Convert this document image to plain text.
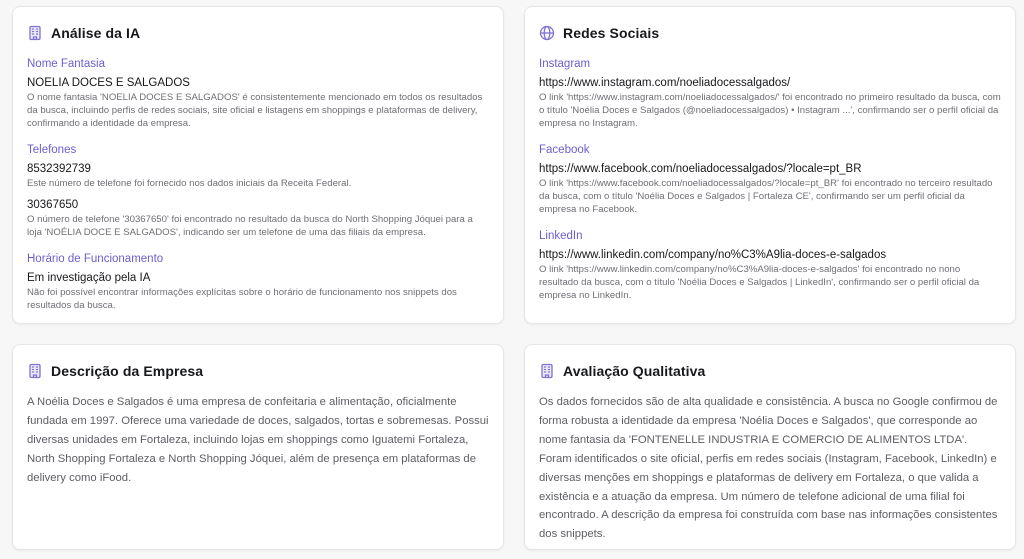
Análise da IA
Nome Fantasia
NOELIA DOCES E SALGADOS
O nome fantasia 'NOELIA DOCES E SALGADOS' é consistentemente mencionado em todos os resultados da busca, incluindo perfis de redes sociais, site oficial e listagens em shoppings e plataformas de delivery, confirmando a identidade da empresa.
Telefones
8532392739
Este número de telefone foi fornecido nos dados iniciais da Receita Federal.
30367650
O número de telefone '30367650' foi encontrado no resultado da busca do North Shopping Jóquei para a loja 'NOÉLIA DOCE E SALGADOS', indicando ser um telefone de uma das filiais da empresa.
Horário de Funcionamento
Em investigação pela IA
Não foi possível encontrar informações explícitas sobre o horário de funcionamento nos snippets dos resultados da busca.
Redes Sociais
Instagram
https://www.instagram.com/noeliadocessalgados/
O link 'https://www.instagram.com/noeliadocessalgados/' foi encontrado no primeiro resultado da busca, com o título 'Noélia Doces e Salgados (@noeliadocessalgados) • Instagram ...', confirmando ser o perfil oficial da empresa no Instagram.
Facebook
https://www.facebook.com/noeliadocessalgados/?locale=pt_BR
O link 'https://www.facebook.com/noeliadocessalgados/?locale=pt_BR' foi encontrado no terceiro resultado da busca, com o título 'Noélia Doces e Salgados | Fortaleza CE', confirmando ser um perfil oficial da empresa no Facebook.
LinkedIn
https://www.linkedin.com/company/no%C3%A9lia-doces-e-salgados
O link 'https://www.linkedin.com/company/no%C3%A9lia-doces-e-salgados' foi encontrado no nono resultado da busca, com o título 'Noélia Doces e Salgados | LinkedIn', confirmando ser o perfil oficial da empresa no LinkedIn.
Descrição da Empresa

A Noélia Doces e Salgados é uma empresa de confeitaria e alimentação, oficialmente fundada em 1997. Oferece uma variedade de doces, salgados, tortas e sobremesas. Possui diversas unidades em Fortaleza, incluindo lojas em shoppings como Iguatemi Fortaleza, North Shopping Fortaleza e North Shopping Jóquei, além de presença em plataformas de delivery como iFood.

Avaliação Qualitativa

Os dados fornecidos são de alta qualidade e consistência. A busca no Google confirmou de forma robusta a identidade da empresa 'Noélia Doces e Salgados', que corresponde ao nome fantasia da 'FONTENELLE INDUSTRIA E COMERCIO DE ALIMENTOS LTDA'. Foram identificados o site oficial, perfis em redes sociais (Instagram, Facebook, LinkedIn) e diversas menções em shoppings e plataformas de delivery em Fortaleza, o que valida a existência e a atuação da empresa. Um número de telefone adicional de uma filial foi encontrado. A descrição da empresa foi construída com base nas informações consistentes dos snippets.
